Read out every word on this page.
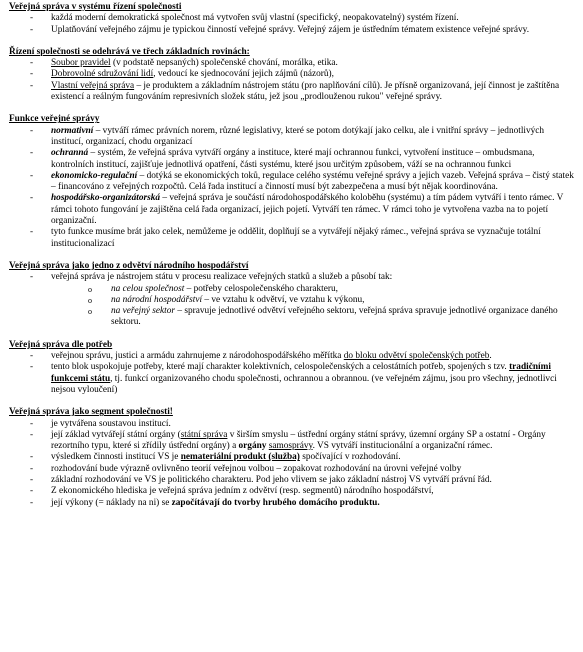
Veřejná správa v systému řízení společnosti
- každá moderní demokratická společnost má vytvořen svůj vlastní (specifický, neopakovatelný) systém řízení.
- Uplatňování veřejného zájmu je typickou činností veřejné správy. Veřejný zájem je ústředním tématem existence veřejné správy.
Řízení společnosti se odehrává ve třech základních rovinách:
- Soubor pravidel (v podstatě nepsaných) společenské chování, morálka, etika.
- Dobrovolné sdružování lidí, vedoucí ke sjednocování jejich zájmů (názorů),
- Vlastní veřejná správa – je produktem a základním nástrojem státu (pro naplňování cílů). Je přísně organizovaná, její činnost je zaštítěna existencí a reálným fungováním represivních složek státu, jež jsou „prodlouženou rukou" veřejné správy.
Funkce veřejné správy
- normativní – vytváří rámec právních norem, různé legislativy, které se potom dotýkají jako celku, ale i vnitřní správy – jednotlivých institucí, organizací, chodu organizací
- ochranná – systém, že veřejná správa vytváří orgány a instituce, které mají ochrannou funkci, vytvoření instituce – ombudsmana, kontrolních institucí, zajišťuje jednotlivá opatření, části systému, které jsou určitým způsobem, váží se na ochrannou funkci
- ekonomicko-regulační – dotýká se ekonomických toků, regulace celého systému veřejné správy a jejich vazeb. Veřejná správa – čistý statek – financováno z veřejných rozpočtů. Celá řada institucí a činností musí být zabezpečena a musí být nějak koordinována.
- hospodářsko-organizátorská – veřejná správa je součástí národohospodářského koloběhu (systému) a tím pádem vytváří i tento rámec. V rámci tohoto fungování je zajištěna celá řada organizací, jejich pojetí. Vytváří ten rámec. V rámci toho je vytvořena vazba na to pojetí organizační.
- tyto funkce musíme brát jako celek, nemůžeme je oddělit, doplňují se a vytvářejí nějaký rámec., veřejná správa se vyznačuje totální institucionalizací
Veřejná správa jako jedno z odvětví národního hospodářství
- veřejná správa je nástrojem státu v procesu realizace veřejných statků a služeb a působí tak:
o na celou společnost – potřeby celospolečenského charakteru,
o na národní hospodářství – ve vztahu k odvětví, ve vztahu k výkonu,
o na veřejný sektor – spravuje jednotlivé odvětví veřejného sektoru, veřejná správa spravuje jednotlivé organizace daného sektoru.
Veřejná správa dle potřeb
- veřejnou správu, justici a armádu zahrnujeme z národohospodářského měřítka do bloku odvětví společenských potřeb.
- tento blok uspokojuje potřeby, které mají charakter kolektivních, celospolečenských a celostátních potřeb, spojených s tzv. tradičními funkcemi státu, tj. funkcí organizovaného chodu společnosti, ochrannou a obrannou. (ve veřejném zájmu, jsou pro všechny, jednotlivci nejsou vyloučení)
Veřejná správa jako segment společnosti!
- je vytvářena soustavou institucí.
- její základ vytvářejí státní orgány (státní správa v širším smyslu – ústřední orgány státní správy, územní orgány SP a ostatní - Orgány rezortního typu, které si zřídily ústřední orgány) a orgány samosprávy. VS vytváří institucionální a organizační rámec.
- výsledkem činnosti institucí VS je nemateriální produkt (služba) spočívající v rozhodování.
- rozhodování bude výrazně ovlivněno teorií veřejnou volbou – zopakovat rozhodování na úrovni veřejné volby
- základní rozhodování ve VS je politického charakteru. Pod jeho vlivem se jako základní nástroj VS vytváří právní řád.
- Z ekonomického hlediska je veřejná správa jedním z odvětví (resp. segmentů) národního hospodářství,
- její výkony (= náklady na ni) se započítávají do tvorby hrubého domácího produktu.
